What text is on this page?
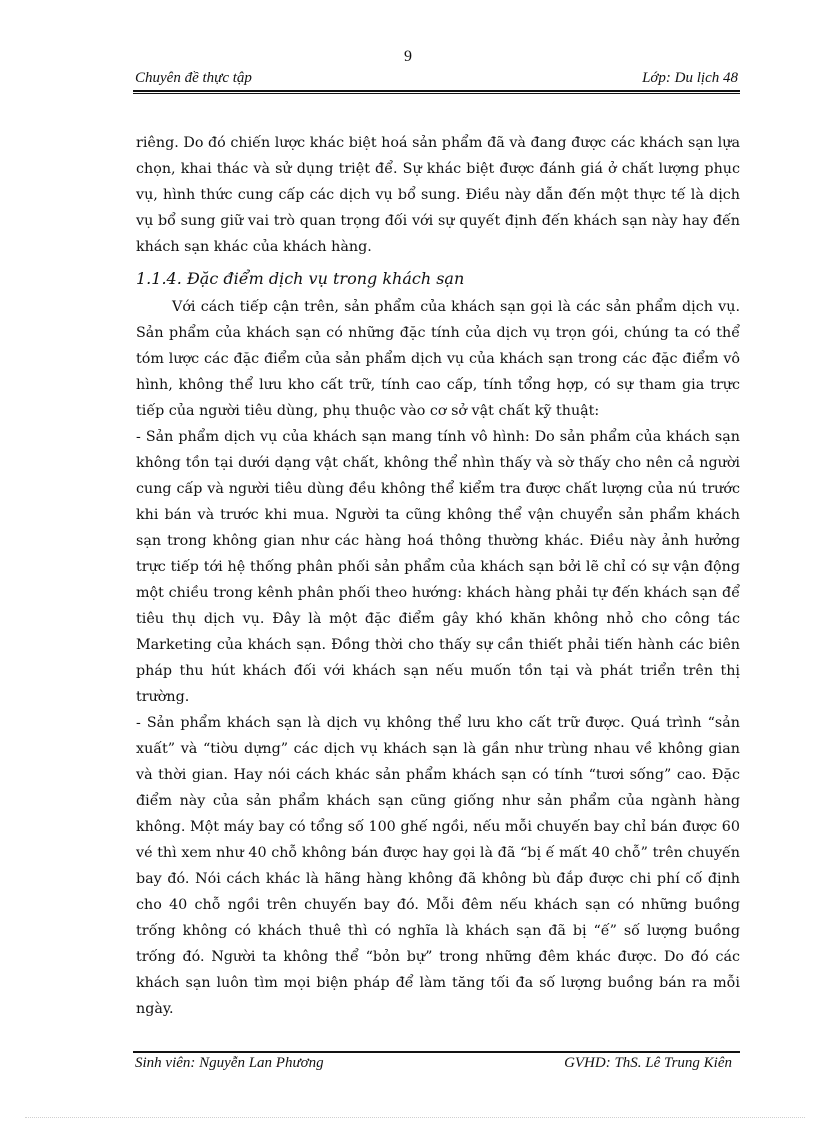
9
Chuyên đề thực tập	Lớp: Du lịch 48

riêng. Do đó chiến lược khác biệt hoá sản phẩm đã và đang được các khách sạn lựa chọn, khai thác và sử dụng triệt để. Sự khác biệt được đánh giá ở chất lượng phục vụ, hình thức cung cấp các dịch vụ bổ sung. Điều này dẫn đến một thực tế là dịch vụ bổ sung giữ vai trò quan trọng đối với sự quyết định đến khách sạn này hay đến khách sạn khác của khách hàng.

1.1.4. Đặc điểm dịch vụ trong khách sạn

Với cách tiếp cận trên, sản phẩm của khách sạn gọi là các sản phẩm dịch vụ. Sản phẩm của khách sạn có những đặc tính của dịch vụ trọn gói, chúng ta có thể tóm lược các đặc điểm của sản phẩm dịch vụ của khách sạn trong các đặc điểm vô hình, không thể lưu kho cất trữ, tính cao cấp, tính tổng hợp, có sự tham gia trực tiếp của người tiêu dùng, phụ thuộc vào cơ sở vật chất kỹ thuật:

- Sản phẩm dịch vụ của khách sạn mang tính vô hình: Do sản phẩm của khách sạn không tồn tại dưới dạng vật chất, không thể nhìn thấy và sờ thấy cho nên cả người cung cấp và người tiêu dùng đều không thể kiểm tra được chất lượng của nú trước khi bán và trước khi mua. Người ta cũng không thể vận chuyển sản phẩm khách sạn trong không gian như các hàng hoá thông thường khác. Điều này ảnh hưởng trực tiếp tới hệ thống phân phối sản phẩm của khách sạn bởi lẽ chỉ có sự vận động một chiều trong kênh phân phối theo hướng: khách hàng phải tự đến khách sạn để tiêu thụ dịch vụ. Đây là một đặc điểm gây khó khăn không nhỏ cho công tác Marketing của khách sạn. Đồng thời cho thấy sự cần thiết phải tiến hành các biên pháp thu hút khách đối với khách sạn nếu muốn tồn tại và phát triển trên thị trường.

- Sản phẩm khách sạn là dịch vụ không thể lưu kho cất trữ được. Quá trình “sản xuất” và “tiờu dựng” các dịch vụ khách sạn là gần như trùng nhau về không gian và thời gian. Hay nói cách khác sản phẩm khách sạn có tính “tươi sống” cao. Đặc điểm này của sản phẩm khách sạn cũng giống như sản phẩm của ngành hàng không. Một máy bay có tổng số 100 ghế ngồi, nếu mỗi chuyến bay chỉ bán được 60 vé thì xem như 40 chỗ không bán được hay gọi là đã “bị ế mất 40 chỗ” trên chuyến bay đó. Nói cách khác là hãng hàng không đã không bù đắp được chi phí cố định cho 40 chỗ ngồi trên chuyến bay đó. Mỗi đêm nếu khách sạn có những buồng trống không có khách thuê thì có nghĩa là khách sạn đã bị “ế” số lượng buồng trống đó. Người ta không thể “bỏn bự” trong những đêm khác được. Do đó các khách sạn luôn tìm mọi biện pháp để làm tăng tối đa số lượng buồng bán ra mỗi ngày.

Sinh viên: Nguyễn Lan Phương	GVHD: ThS. Lê Trung Kiên
